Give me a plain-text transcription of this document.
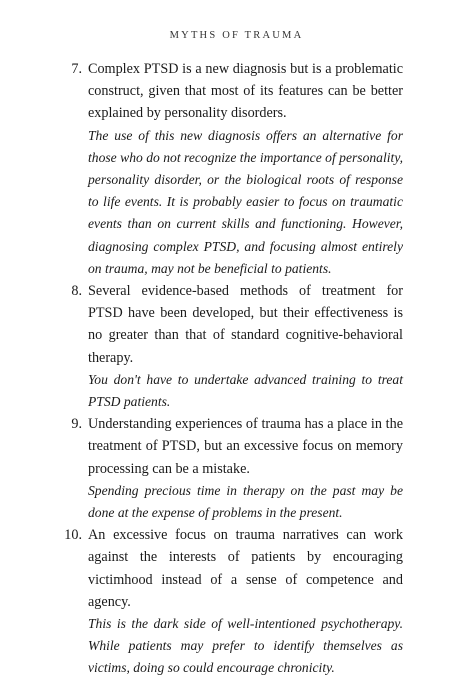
MYTHS OF TRAUMA
7. Complex PTSD is a new diagnosis but is a problematic construct, given that most of its features can be better explained by personality disorders.

The use of this new diagnosis offers an alternative for those who do not recognize the importance of personality, personality disorder, or the biological roots of response to life events. It is probably easier to focus on traumatic events than on current skills and functioning. However, diagnosing complex PTSD, and focusing almost entirely on trauma, may not be beneficial to patients.

8. Several evidence-based methods of treatment for PTSD have been developed, but their effectiveness is no greater than that of standard cognitive-behavioral therapy.

You don't have to undertake advanced training to treat PTSD patients.

9. Understanding experiences of trauma has a place in the treatment of PTSD, but an excessive focus on memory processing can be a mistake.

Spending precious time in therapy on the past may be done at the expense of problems in the present.

10. An excessive focus on trauma narratives can work against the interests of patients by encouraging victimhood instead of a sense of competence and agency.

This is the dark side of well-intentioned psychotherapy. While patients may prefer to identify themselves as victims, doing so could encourage chronicity.
